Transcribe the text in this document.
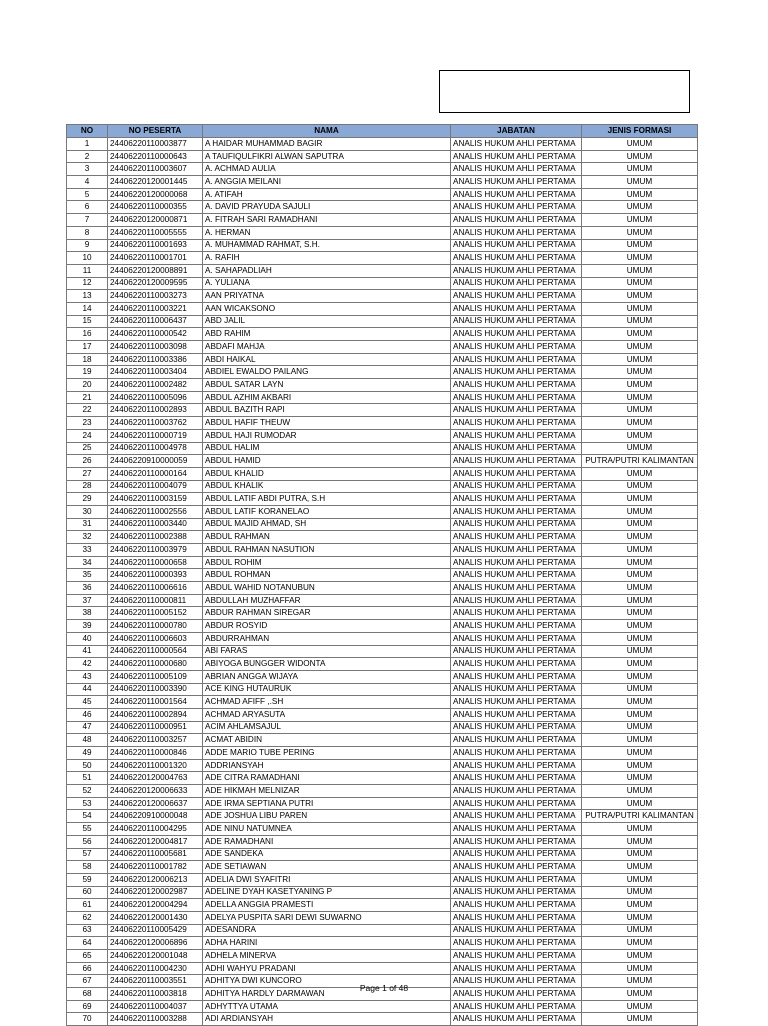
NO	NO PESERTA	NAMA	JABATAN	JENIS FORMASI
1	24406220110003877	A HAIDAR MUHAMMAD BAGIR	ANALIS HUKUM AHLI PERTAMA	UMUM
2	24406220110000643	A TAUFIQULFIKRI ALWAN SAPUTRA	ANALIS HUKUM AHLI PERTAMA	UMUM
3	24406220110003607	A. ACHMAD AULIA	ANALIS HUKUM AHLI PERTAMA	UMUM
4	24406220120001445	A. ANGGIA MEILANI	ANALIS HUKUM AHLI PERTAMA	UMUM
5	24406220120000068	A. ATIFAH	ANALIS HUKUM AHLI PERTAMA	UMUM
6	24406220110000355	A. DAVID PRAYUDA SAJULI	ANALIS HUKUM AHLI PERTAMA	UMUM
7	24406220120000871	A. FITRAH SARI RAMADHANI	ANALIS HUKUM AHLI PERTAMA	UMUM
8	24406220110005555	A. HERMAN	ANALIS HUKUM AHLI PERTAMA	UMUM
9	24406220110001693	A. MUHAMMAD RAHMAT, S.H.	ANALIS HUKUM AHLI PERTAMA	UMUM
10	24406220110001701	A. RAFIH	ANALIS HUKUM AHLI PERTAMA	UMUM
11	24406220120008891	A. SAHAPADLIAH	ANALIS HUKUM AHLI PERTAMA	UMUM
12	24406220120009595	A. YULIANA	ANALIS HUKUM AHLI PERTAMA	UMUM
13	24406220110003273	AAN PRIYATNA	ANALIS HUKUM AHLI PERTAMA	UMUM
14	24406220110003221	AAN WICAKSONO	ANALIS HUKUM AHLI PERTAMA	UMUM
15	24406220110006437	ABD JALIL	ANALIS HUKUM AHLI PERTAMA	UMUM
16	24406220110000542	ABD RAHIM	ANALIS HUKUM AHLI PERTAMA	UMUM
17	24406220110003098	ABDAFI MAHJA	ANALIS HUKUM AHLI PERTAMA	UMUM
18	24406220110003386	ABDI HAIKAL	ANALIS HUKUM AHLI PERTAMA	UMUM
19	24406220110003404	ABDIEL EWALDO PAILANG	ANALIS HUKUM AHLI PERTAMA	UMUM
20	24406220110002482	ABDUL SATAR LAYN	ANALIS HUKUM AHLI PERTAMA	UMUM
21	24406220110005096	ABDUL AZHIM AKBARI	ANALIS HUKUM AHLI PERTAMA	UMUM
22	24406220110002893	ABDUL BAZITH RAPI	ANALIS HUKUM AHLI PERTAMA	UMUM
23	24406220110003762	ABDUL HAFIF THEUW	ANALIS HUKUM AHLI PERTAMA	UMUM
24	24406220110000719	ABDUL HAJI RUMODAR	ANALIS HUKUM AHLI PERTAMA	UMUM
25	24406220110004978	ABDUL HALIM	ANALIS HUKUM AHLI PERTAMA	UMUM
26	24406220910000059	ABDUL HAMID	ANALIS HUKUM AHLI PERTAMA	PUTRA/PUTRI KALIMANTAN
27	24406220110000164	ABDUL KHALID	ANALIS HUKUM AHLI PERTAMA	UMUM
28	24406220110004079	ABDUL KHALIK	ANALIS HUKUM AHLI PERTAMA	UMUM
29	24406220110003159	ABDUL LATIF ABDI PUTRA, S.H	ANALIS HUKUM AHLI PERTAMA	UMUM
30	24406220110002556	ABDUL LATIF KORANELAO	ANALIS HUKUM AHLI PERTAMA	UMUM
31	24406220110003440	ABDUL MAJID AHMAD, SH	ANALIS HUKUM AHLI PERTAMA	UMUM
32	24406220110002388	ABDUL RAHMAN	ANALIS HUKUM AHLI PERTAMA	UMUM
33	24406220110003979	ABDUL RAHMAN NASUTION	ANALIS HUKUM AHLI PERTAMA	UMUM
34	24406220110000658	ABDUL ROHIM	ANALIS HUKUM AHLI PERTAMA	UMUM
35	24406220110000393	ABDUL ROHMAN	ANALIS HUKUM AHLI PERTAMA	UMUM
36	24406220110006616	ABDUL WAHID NOTANUBUN	ANALIS HUKUM AHLI PERTAMA	UMUM
37	24406220110000811	ABDULLAH MUZHAFFAR	ANALIS HUKUM AHLI PERTAMA	UMUM
38	24406220110005152	ABDUR RAHMAN SIREGAR	ANALIS HUKUM AHLI PERTAMA	UMUM
39	24406220110000780	ABDUR ROSYID	ANALIS HUKUM AHLI PERTAMA	UMUM
40	24406220110006603	ABDURRAHMAN	ANALIS HUKUM AHLI PERTAMA	UMUM
41	24406220110000564	ABI FARAS	ANALIS HUKUM AHLI PERTAMA	UMUM
42	24406220110000680	ABIYOGA BUNGGER WIDONTA	ANALIS HUKUM AHLI PERTAMA	UMUM
43	24406220110005109	ABRIAN ANGGA WIJAYA	ANALIS HUKUM AHLI PERTAMA	UMUM
44	24406220110003390	ACE KING HUTAURUK	ANALIS HUKUM AHLI PERTAMA	UMUM
45	24406220110001564	ACHMAD AFIFF ,.SH	ANALIS HUKUM AHLI PERTAMA	UMUM
46	24406220110002894	ACHMAD ARYASUTA	ANALIS HUKUM AHLI PERTAMA	UMUM
47	24406220110000951	ACIM AHLAMSAJUL	ANALIS HUKUM AHLI PERTAMA	UMUM
48	24406220110003257	ACMAT ABIDIN	ANALIS HUKUM AHLI PERTAMA	UMUM
49	24406220110000846	ADDE MARIO TUBE PERING	ANALIS HUKUM AHLI PERTAMA	UMUM
50	24406220110001320	ADDRIANSYAH	ANALIS HUKUM AHLI PERTAMA	UMUM
51	24406220120004763	ADE CITRA RAMADHANI	ANALIS HUKUM AHLI PERTAMA	UMUM
52	24406220120006633	ADE HIKMAH MELNIZAR	ANALIS HUKUM AHLI PERTAMA	UMUM
53	24406220120006637	ADE IRMA SEPTIANA PUTRI	ANALIS HUKUM AHLI PERTAMA	UMUM
54	24406220910000048	ADE JOSHUA LIBU PAREN	ANALIS HUKUM AHLI PERTAMA	PUTRA/PUTRI KALIMANTAN
55	24406220110004295	ADE NINU NATUMNEA	ANALIS HUKUM AHLI PERTAMA	UMUM
56	24406220120004817	ADE RAMADHANI	ANALIS HUKUM AHLI PERTAMA	UMUM
57	24406220110005681	ADE SANDEKA	ANALIS HUKUM AHLI PERTAMA	UMUM
58	24406220110001782	ADE SETIAWAN	ANALIS HUKUM AHLI PERTAMA	UMUM
59	24406220120006213	ADELIA DWI SYAFITRI	ANALIS HUKUM AHLI PERTAMA	UMUM
60	24406220120002987	ADELINE DYAH KASETYANING P	ANALIS HUKUM AHLI PERTAMA	UMUM
61	24406220120004294	ADELLA ANGGIA PRAMESTI	ANALIS HUKUM AHLI PERTAMA	UMUM
62	24406220120001430	ADELYA PUSPITA SARI DEWI SUWARNO	ANALIS HUKUM AHLI PERTAMA	UMUM
63	24406220110005429	ADESANDRA	ANALIS HUKUM AHLI PERTAMA	UMUM
64	24406220120006896	ADHA HARINI	ANALIS HUKUM AHLI PERTAMA	UMUM
65	24406220120001048	ADHELA MINERVA	ANALIS HUKUM AHLI PERTAMA	UMUM
66	24406220110004230	ADHI WAHYU PRADANI	ANALIS HUKUM AHLI PERTAMA	UMUM
67	24406220110003551	ADHITYA DWI KUNCORO	ANALIS HUKUM AHLI PERTAMA	UMUM
68	24406220110003818	ADHITYA HARDLY DARMAWAN	ANALIS HUKUM AHLI PERTAMA	UMUM
69	24406220110004037	ADHYTTYA UTAMA	ANALIS HUKUM AHLI PERTAMA	UMUM
70	24406220110003288	ADI ARDIANSYAH	ANALIS HUKUM AHLI PERTAMA	UMUM
Page 1 of 48
